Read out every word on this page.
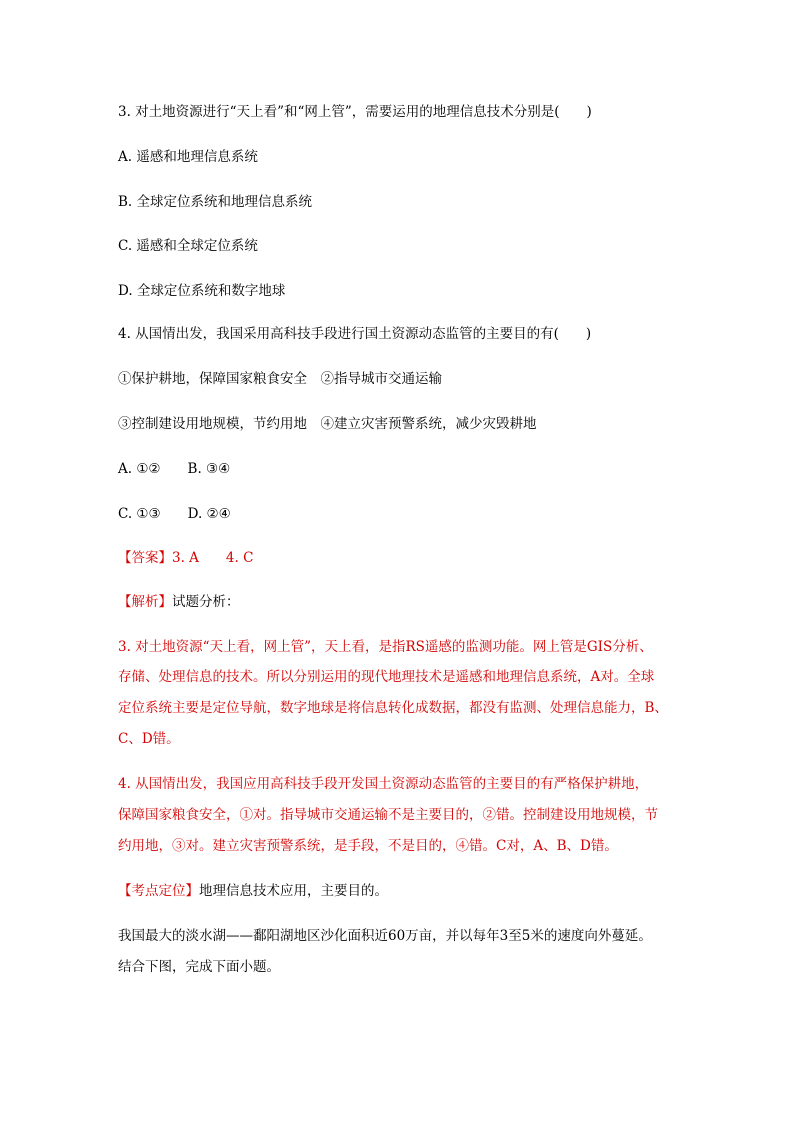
3. 对土地资源进行“天上看”和“网上管”，需要运用的地理信息技术分别是(　　)
A. 遥感和地理信息系统
B. 全球定位系统和地理信息系统
C. 遥感和全球定位系统
D. 全球定位系统和数字地球
4. 从国情出发，我国采用高科技手段进行国土资源动态监管的主要目的有(　　)
①保护耕地，保障国家粮食安全　②指导城市交通运输
③控制建设用地规模，节约用地　④建立灾害预警系统，减少灾毁耕地
A. ①②　　B. ③④
C. ①③　　D. ②④
【答案】3. A　　4. C
【解析】试题分析：
3. 对土地资源“天上看，网上管”，天上看，是指RS遥感的监测功能。网上管是GIS分析、
存储、处理信息的技术。所以分别运用的现代地理技术是遥感和地理信息系统，A对。全球
定位系统主要是定位导航，数字地球是将信息转化成数据，都没有监测、处理信息能力，B、
C、D错。
4. 从国情出发，我国应用高科技手段开发国土资源动态监管的主要目的有严格保护耕地，
保障国家粮食安全，①对。指导城市交通运输不是主要目的，②错。控制建设用地规模，节
约用地，③对。建立灾害预警系统，是手段，不是目的，④错。C对，A、B、D错。
【考点定位】地理信息技术应用，主要目的。
我国最大的淡水湖——鄱阳湖地区沙化面积近60万亩，并以每年3至5米的速度向外蔓延。
结合下图，完成下面小题。
